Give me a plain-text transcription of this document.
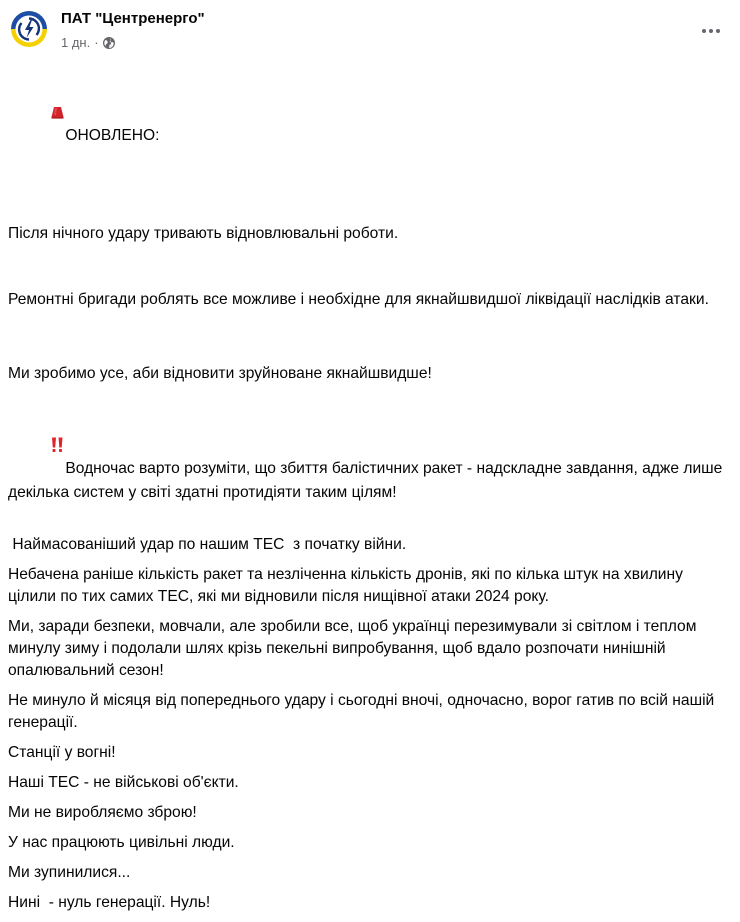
ПАТ "Центренерго"
1 дн. ·

ОНОВЛЕНО:

Після нічного удару тривають відновлювальні роботи.

Ремонтні бригади роблять все можливе і необхідне для якнайшвидшої ліквідації наслідків атаки.

Ми зробимо усе, аби відновити зруйноване якнайшвидше!

Водночас варто розуміти, що збиття балістичних ракет - надскладне завдання, адже лише декілька систем у світі здатні протидіяти таким цілям!

Наймасованіший удар по нашим ТЕС  з початку війни.

Небачена раніше кількість ракет та незліченна кількість дронів, які по кілька штук на хвилину цілили по тих самих ТЕС, які ми відновили після нищівної атаки 2024 року.

Ми, заради безпеки, мовчали, але зробили все, щоб українці перезимували зі світлом і теплом минулу зиму і подолали шлях крізь пекельні випробування, щоб вдало розпочати нинішній опалювальний сезон!

Не минуло й місяця від попереднього удару і сьогодні вночі, одночасно, ворог гатив по всій нашій генерації.

Станції у вогні!

Наші ТЕС - не військові об'єкти.

Ми не виробляємо зброю!

У нас працюють цивільні люди.

Ми зупинилися...

Нині  - нуль генерації. Нуль!
